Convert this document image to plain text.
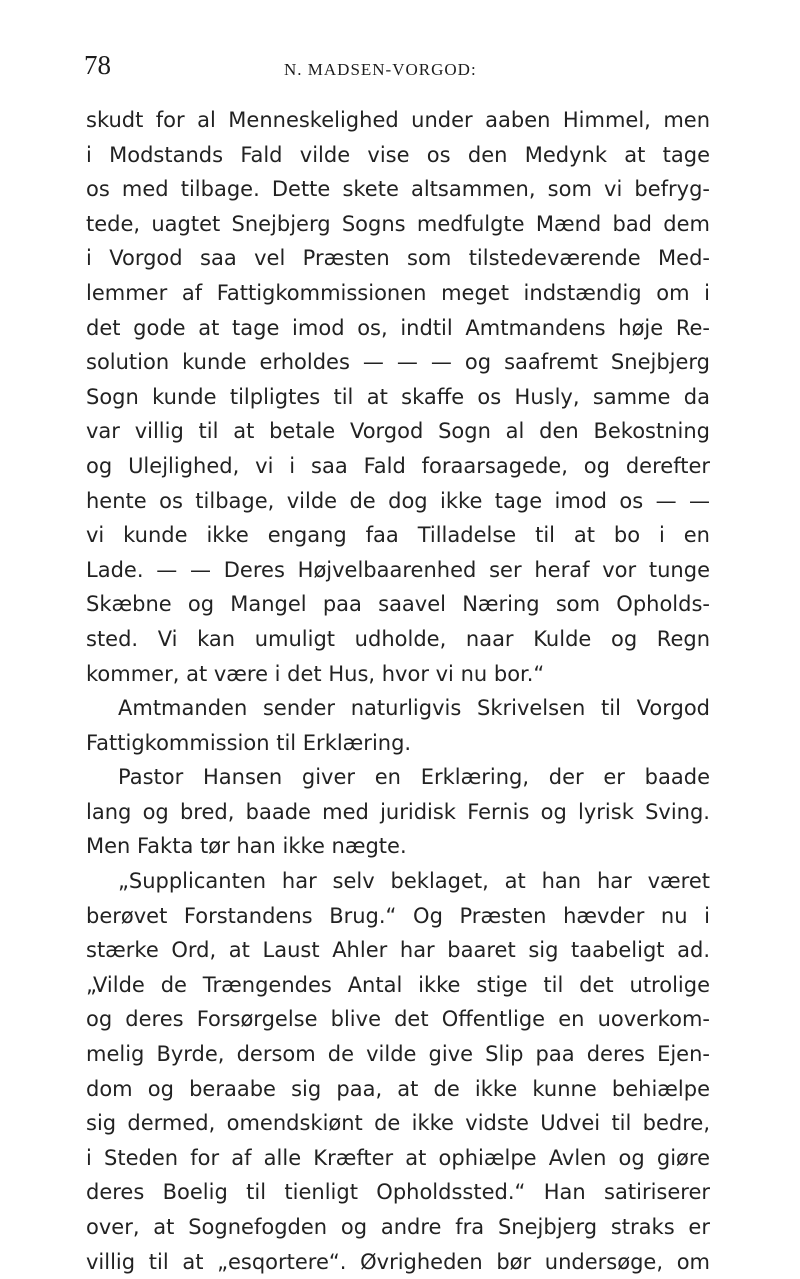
78	N. MADSEN-VORGOD:
skudt for al Menneskelighed under aaben Himmel, men
i Modstands Fald vilde vise os den Medynk at tage
os med tilbage. Dette skete altsammen, som vi befryg-
tede, uagtet Snejbjerg Sogns medfulgte Mænd bad dem
i Vorgod saa vel Præsten som tilstedeværende Med-
lemmer af Fattigkommissionen meget indstændig om i
det gode at tage imod os, indtil Amtmandens høje Re-
solution kunde erholdes — — — og saafremt Snejbjerg
Sogn kunde tilpligtes til at skaffe os Husly, samme da
var villig til at betale Vorgod Sogn al den Bekostning
og Ulejlighed, vi i saa Fald foraarsagede, og derefter
hente os tilbage, vilde de dog ikke tage imod os — —
vi kunde ikke engang faa Tilladelse til at bo i en
Lade. — — Deres Højvelbaarenhed ser heraf vor tunge
Skæbne og Mangel paa saavel Næring som Opholds-
sted. Vi kan umuligt udholde, naar Kulde og Regn
kommer, at være i det Hus, hvor vi nu bor.“
Amtmanden sender naturligvis Skrivelsen til Vorgod
Fattigkommission til Erklæring.
Pastor Hansen giver en Erklæring, der er baade
lang og bred, baade med juridisk Fernis og lyrisk Sving.
Men Fakta tør han ikke nægte.
„Supplicanten har selv beklaget, at han har været
berøvet Forstandens Brug.“ Og Præsten hævder nu i
stærke Ord, at Laust Ahler har baaret sig taabeligt ad.
„Vilde de Trængendes Antal ikke stige til det utrolige
og deres Forsørgelse blive det Offentlige en uoverkom-
melig Byrde, dersom de vilde give Slip paa deres Ejen-
dom og beraabe sig paa, at de ikke kunne behiælpe
sig dermed, omendskiønt de ikke vidste Udvei til bedre,
i Steden for af alle Kræfter at ophiælpe Avlen og giøre
deres Boelig til tienligt Opholdssted.“ Han satiriserer
over, at Sognefogden og andre fra Snejbjerg straks er
villig til at „esqortere“. Øvrigheden bør undersøge, om
